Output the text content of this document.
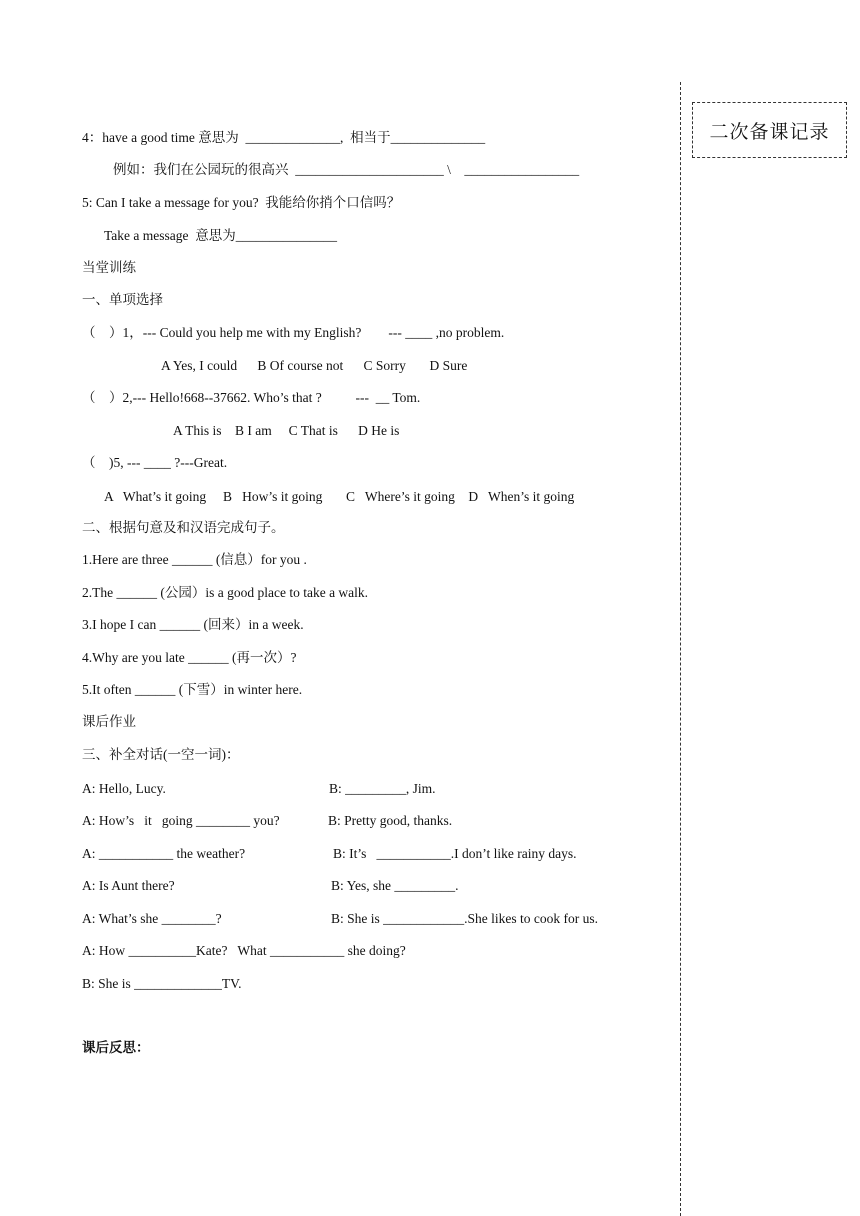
二次备课记录
4：have a good time 意思为  ______________,  相当于______________
例如：我们在公园玩的很高兴  ______________________ \    _________________
5: Can I take a message for you?  我能给你捎个口信吗？
Take a message  意思为_______________
当堂训练
一、单项选择
（    ）1，--- Could you help me with my English?        --- ____ ,no problem.
A Yes, I could      B Of course not      C Sorry       D Sure
（    ）2,--- Hello!668--37662. Who’s that ?          ---  __ Tom.
A This is    B I am     C That is      D He is
（    )5, --- ____ ?---Great.
A   What’s it going     B   How’s it going       C   Where’s it going    D   When’s it going
二、根据句意及和汉语完成句子。
1.Here are three ______ (信息）for you .
2.The ______ (公园）is a good place to take a walk.
3.I hope I can ______ (回来）in a week.
4.Why are you late ______ (再一次）?
5.It often ______ (下雪）in winter here.
课后作业
三、补全对话(一空一词)：
A: Hello, Lucy.	B: _________, Jim.
A: How’s   it   going ________ you?	B: Pretty good, thanks.
A: ___________ the weather?	B: It’s   ___________.I don’t like rainy days.
A: Is Aunt there?	B: Yes, she _________.
A: What’s she ________?	B: She is ____________.She likes to cook for us.
A: How __________Kate?   What ___________ she doing?
B: She is _____________TV.
课后反思：
